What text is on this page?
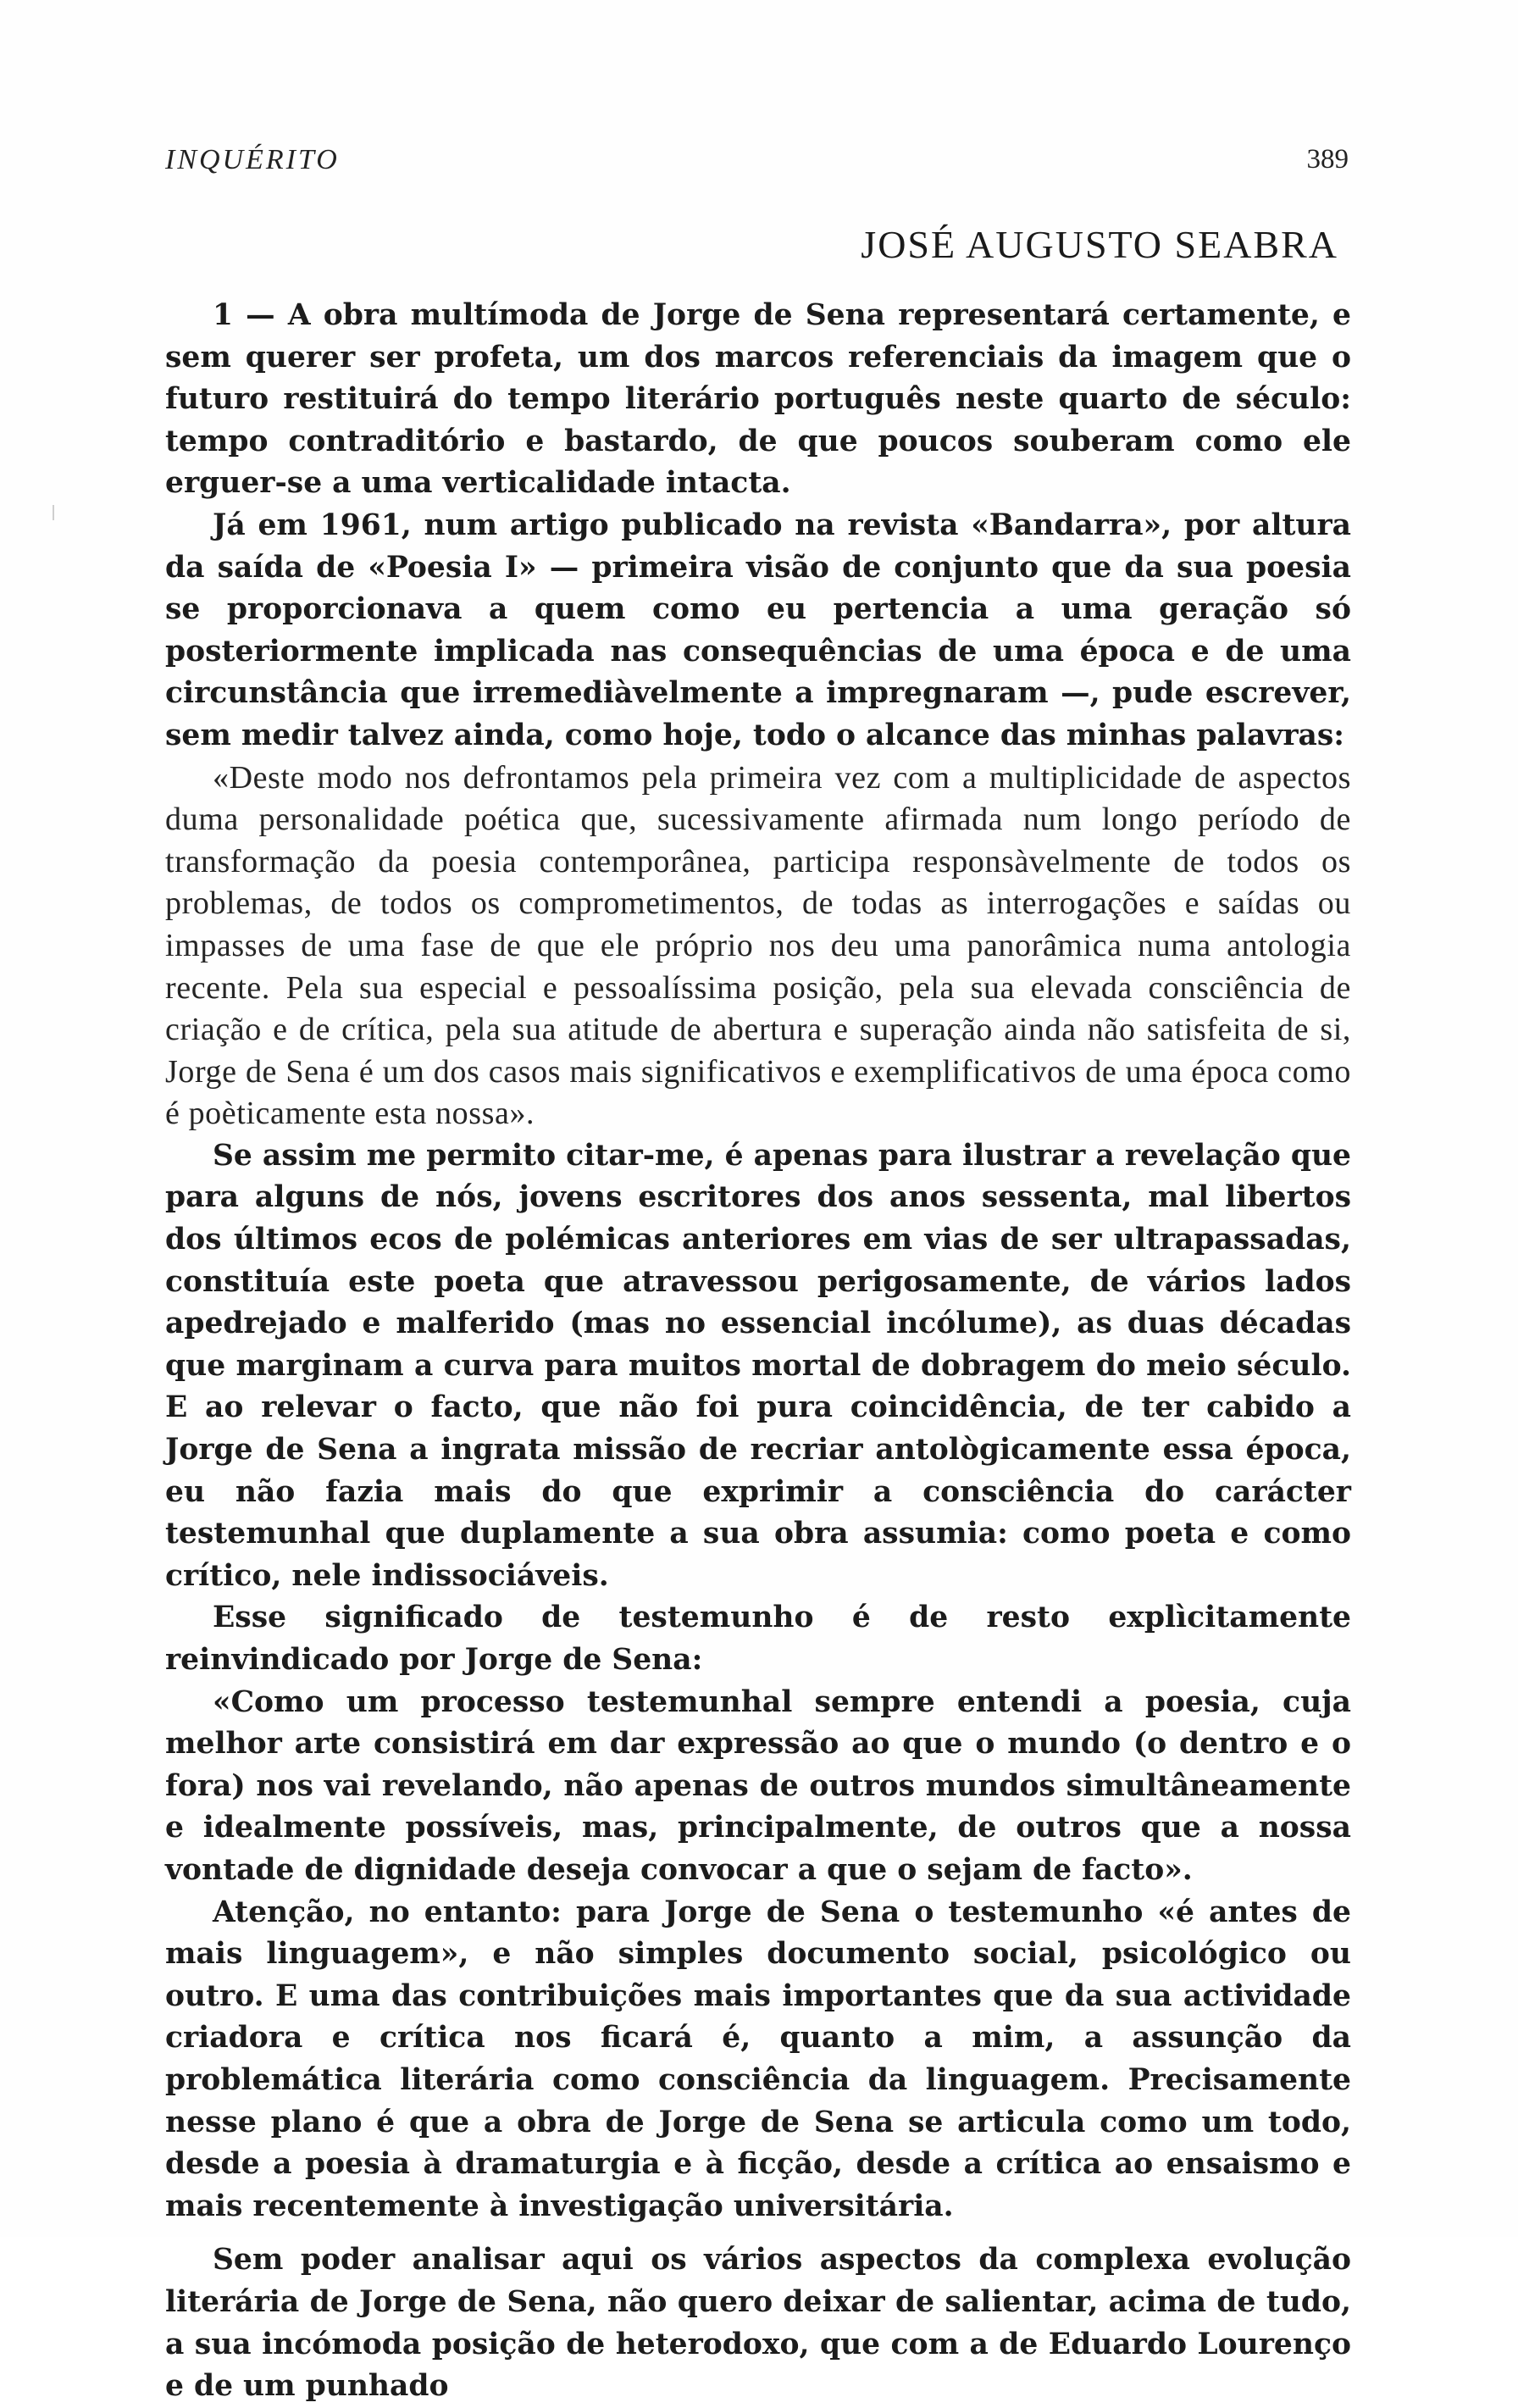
INQUÉRITO	389
JOSÉ AUGUSTO SEABRA

1 — A obra multímoda de Jorge de Sena representará certamente, e sem querer ser profeta, um dos marcos referenciais da imagem que o futuro restituirá do tempo literário português neste quarto de século: tempo contraditório e bastardo, de que poucos souberam como ele erguer-se a uma verticalidade intacta.

Já em 1961, num artigo publicado na revista «Bandarra», por altura da saída de «Poesia I» — primeira visão de conjunto que da sua poesia se proporcionava a quem como eu pertencia a uma geração só posteriormente implicada nas consequências de uma época e de uma circunstância que irremediàvelmente a impregnaram —, pude escrever, sem medir talvez ainda, como hoje, todo o alcance das minhas palavras:

«Deste modo nos defrontamos pela primeira vez com a multiplicidade de aspectos duma personalidade poética que, sucessivamente afirmada num longo período de transformação da poesia contemporânea, participa responsàvelmente de todos os problemas, de todos os comprometimentos, de todas as interrogações e saídas ou impasses de uma fase de que ele próprio nos deu uma panorâmica numa antologia recente. Pela sua especial e pessoalíssima posição, pela sua elevada consciência de criação e de crítica, pela sua atitude de abertura e superação ainda não satisfeita de si, Jorge de Sena é um dos casos mais significativos e exemplificativos de uma época como é poèticamente esta nossa».

Se assim me permito citar-me, é apenas para ilustrar a revelação que para alguns de nós, jovens escritores dos anos sessenta, mal libertos dos últimos ecos de polémicas anteriores em vias de ser ultrapassadas, constituía este poeta que atravessou perigosamente, de vários lados apedrejado e malferido (mas no essencial incólume), as duas décadas que marginam a curva para muitos mortal de dobragem do meio século. E ao relevar o facto, que não foi pura coincidência, de ter cabido a Jorge de Sena a ingrata missão de recriar antològicamente essa época, eu não fazia mais do que exprimir a consciência do carácter testemunhal que duplamente a sua obra assumia: como poeta e como crítico, nele indissociáveis.

Esse significado de testemunho é de resto explìcitamente reinvindicado por Jorge de Sena:

«Como um processo testemunhal sempre entendi a poesia, cuja melhor arte consistirá em dar expressão ao que o mundo (o dentro e o fora) nos vai revelando, não apenas de outros mundos simultâneamente e idealmente possíveis, mas, principalmente, de outros que a nossa vontade de dignidade deseja convocar a que o sejam de facto».

Atenção, no entanto: para Jorge de Sena o testemunho «é antes de mais linguagem», e não simples documento social, psicológico ou outro. E uma das contribuições mais importantes que da sua actividade criadora e crítica nos ficará é, quanto a mim, a assunção da problemática literária como consciência da linguagem. Precisamente nesse plano é que a obra de Jorge de Sena se articula como um todo, desde a poesia à dramaturgia e à ficção, desde a crítica ao ensaismo e mais recentemente à investigação universitária.

Sem poder analisar aqui os vários aspectos da complexa evolução literária de Jorge de Sena, não quero deixar de salientar, acima de tudo, a sua incómoda posição de heterodoxo, que com a de Eduardo Lourenço e de um punhado
